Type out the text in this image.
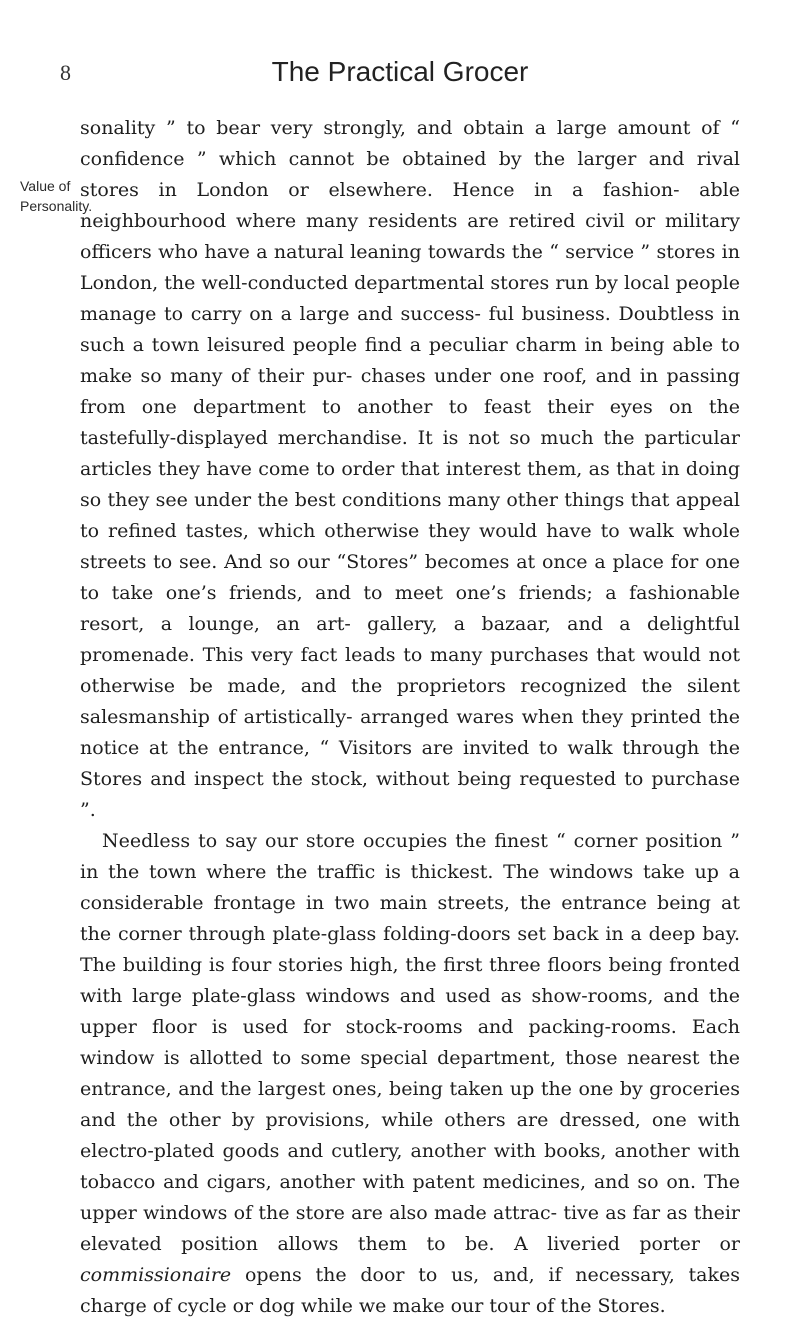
8	The Practical Grocer
Value of
Personality.

sonality ” to bear very strongly, and obtain a large amount of “ confidence ” which cannot be obtained by the larger and rival stores in London or elsewhere. Hence in a fashion- able neighbourhood where many residents are retired civil or military officers who have a natural leaning towards the “ service ” stores in London, the well-conducted departmental stores run by local people manage to carry on a large and success- ful business. Doubtless in such a town leisured people find a peculiar charm in being able to make so many of their pur- chases under one roof, and in passing from one department to another to feast their eyes on the tastefully-displayed merchandise. It is not so much the particular articles they have come to order that interest them, as that in doing so they see under the best conditions many other things that appeal to refined tastes, which otherwise they would have to walk whole streets to see. And so our “Stores” becomes at once a place for one to take one’s friends, and to meet one’s friends; a fashionable resort, a lounge, an art- gallery, a bazaar, and a delightful promenade. This very fact leads to many purchases that would not otherwise be made, and the proprietors recognized the silent salesmanship of artistically- arranged wares when they printed the notice at the entrance, “ Visitors are invited to walk through the Stores and inspect the stock, without being requested to purchase ”.

Needless to say our store occupies the finest “ corner position ” in the town where the traffic is thickest. The windows take up a considerable frontage in two main streets, the entrance being at the corner through plate-glass folding-doors set back in a deep bay. The building is four stories high, the first three floors being fronted with large plate-glass windows and used as show-rooms, and the upper floor is used for stock-rooms and packing-rooms. Each window is allotted to some special department, those nearest the entrance, and the largest ones, being taken up the one by groceries and the other by provisions, while others are dressed, one with electro-plated goods and cutlery, another with books, another with tobacco and cigars, another with patent medicines, and so on. The upper windows of the store are also made attrac- tive as far as their elevated position allows them to be. A liveried porter or commissionaire opens the door to us, and, if necessary, takes charge of cycle or dog while we make our tour of the Stores.
